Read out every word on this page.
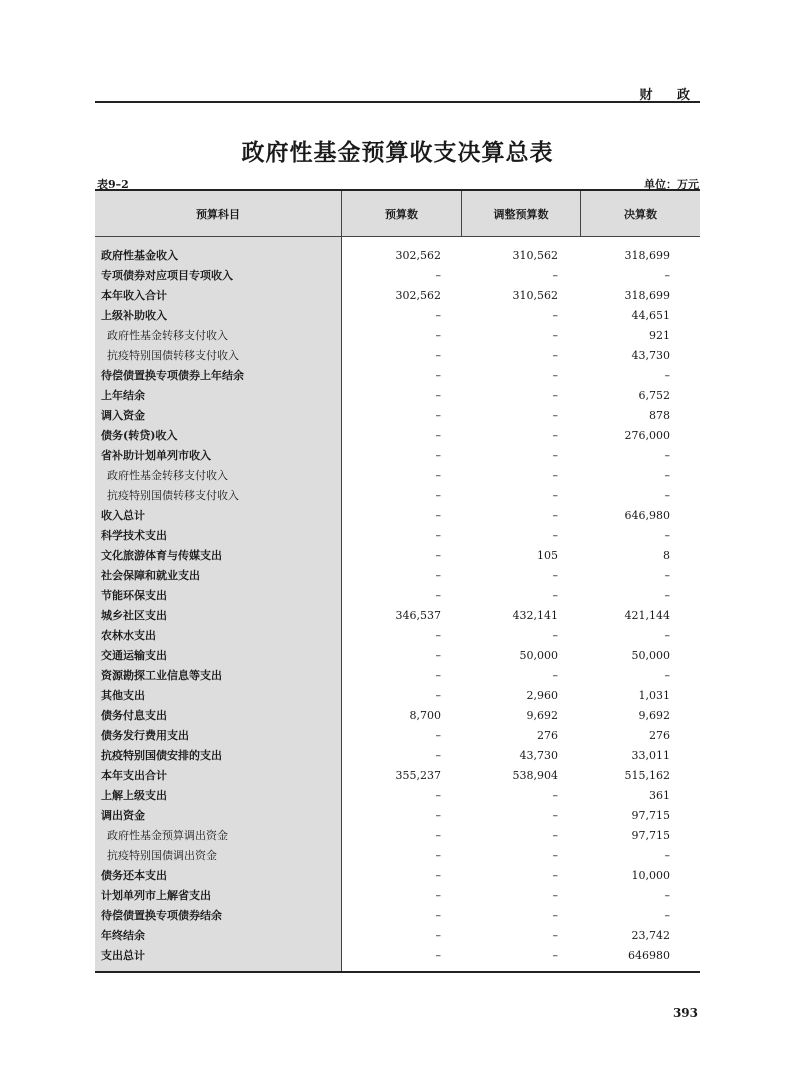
财 政
政府性基金预算收支决算总表
表9–2	单位：万元
预算科目	预算数	调整预算数	决算数
政府性基金收入	302,562	310,562	318,699
专项债券对应项目专项收入	–	–	–
本年收入合计	302,562	310,562	318,699
上级补助收入	–	–	44,651
政府性基金转移支付收入	–	–	921
抗疫特别国债转移支付收入	–	–	43,730
待偿债置换专项债券上年结余	–	–	–
上年结余	–	–	6,752
调入资金	–	–	878
债务(转贷)收入	–	–	276,000
省补助计划单列市收入	–	–	–
政府性基金转移支付收入	–	–	–
抗疫特别国债转移支付收入	–	–	–
收入总计	–	–	646,980
科学技术支出	–	–	–
文化旅游体育与传媒支出	–	105	8
社会保障和就业支出	–	–	–
节能环保支出	–	–	–
城乡社区支出	346,537	432,141	421,144
农林水支出	–	–	–
交通运输支出	–	50,000	50,000
资源勘探工业信息等支出	–	–	–
其他支出	–	2,960	1,031
债务付息支出	8,700	9,692	9,692
债务发行费用支出	–	276	276
抗疫特别国债安排的支出	–	43,730	33,011
本年支出合计	355,237	538,904	515,162
上解上级支出	–	–	361
调出资金	–	–	97,715
政府性基金预算调出资金	–	–	97,715
抗疫特别国债调出资金	–	–	–
债务还本支出	–	–	10,000
计划单列市上解省支出	–	–	–
待偿债置换专项债券结余	–	–	–
年终结余	–	–	23,742
支出总计	–	–	646980
393
